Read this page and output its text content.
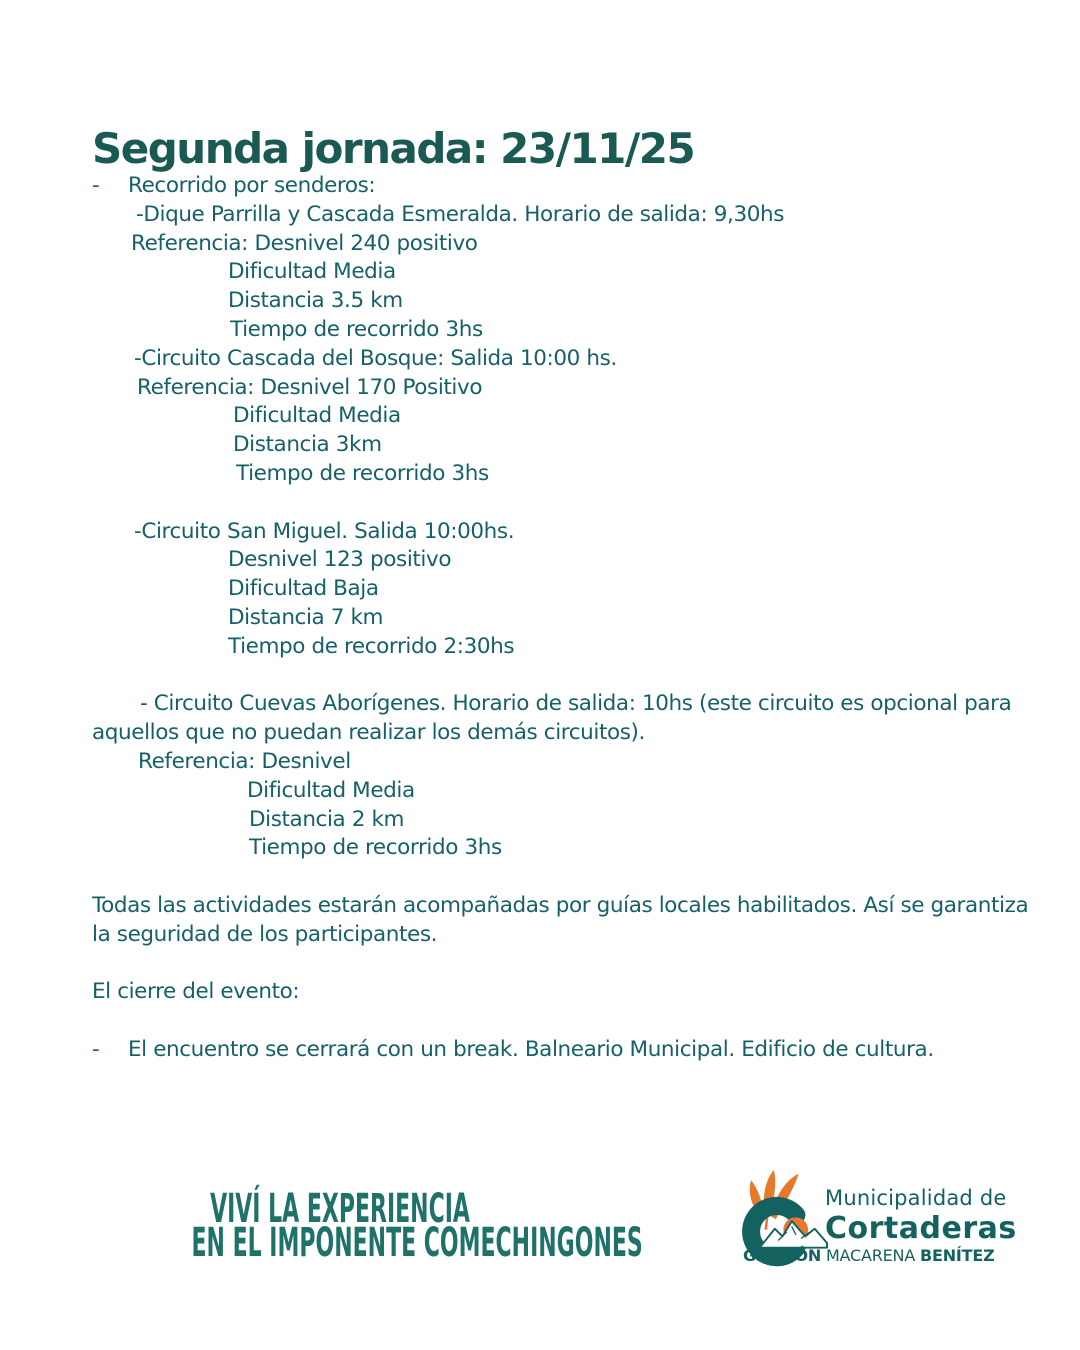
Segunda jornada: 23/11/25
- Recorrido por senderos:
-Dique Parrilla y Cascada Esmeralda. Horario de salida: 9,30hs
Referencia: Desnivel 240 positivo
Dificultad Media
Distancia 3.5 km
Tiempo de recorrido 3hs
-Circuito Cascada del Bosque: Salida 10:00 hs.
Referencia: Desnivel 170 Positivo
Dificultad Media
Distancia 3km
Tiempo de recorrido 3hs
-Circuito San Miguel. Salida 10:00hs.
Desnivel 123 positivo
Dificultad Baja
Distancia 7 km
Tiempo de recorrido 2:30hs
- Circuito Cuevas Aborígenes. Horario de salida: 10hs (este circuito es opcional para
aquellos que no puedan realizar los demás circuitos).
Referencia: Desnivel
Dificultad Media
Distancia 2 km
Tiempo de recorrido 3hs
Todas las actividades estarán acompañadas por guías locales habilitados. Así se garantiza
la seguridad de los participantes.
El cierre del evento:
- El encuentro se cerrará con un break. Balneario Municipal. Edificio de cultura.
VIVÍ LA EXPERIENCIA
EN EL IMPONENTE COMECHINGONES
Municipalidad de
Cortaderas
GESTIÓN MACARENA BENÍTEZ
